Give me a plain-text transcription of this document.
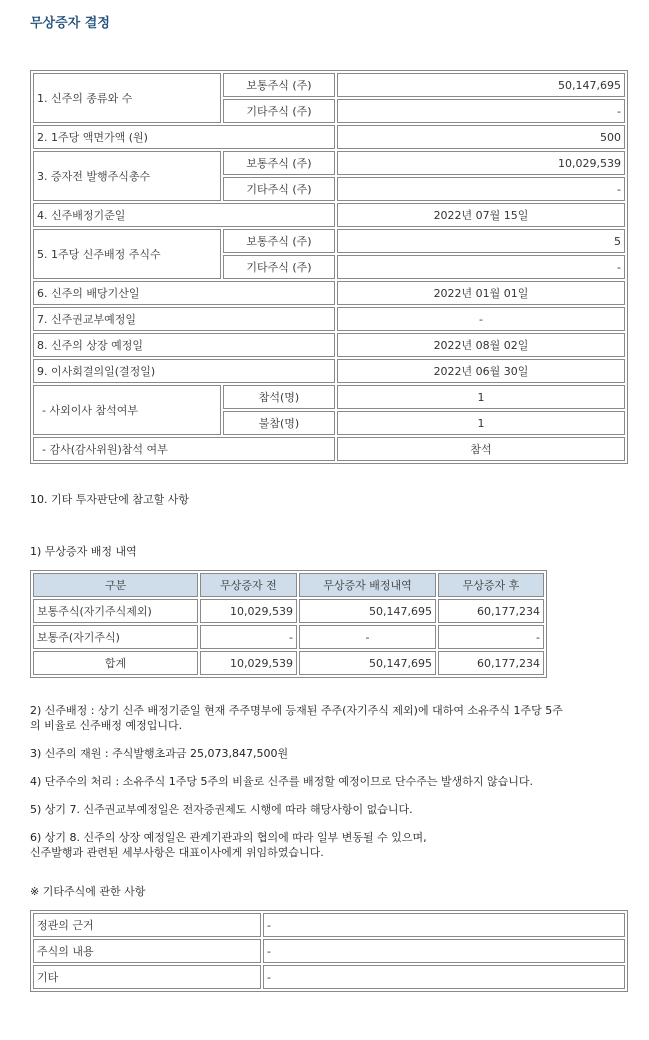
무상증자 결정
1. 신주의 종류와 수	보통주식 (주)	50,147,695
	기타주식 (주)	-
2. 1주당 액면가액 (원)		500
3. 증자전 발행주식총수	보통주식 (주)	10,029,539
	기타주식 (주)	-
4. 신주배정기준일		2022년 07월 15일
5. 1주당 신주배정 주식수	보통주식 (주)	5
	기타주식 (주)	-
6. 신주의 배당기산일		2022년 01월 01일
7. 신주권교부예정일		-
8. 신주의 상장 예정일		2022년 08월 02일
9. 이사회결의일(결정일)		2022년 06월 30일
- 사외이사 참석여부	참석(명)	1
	불참(명)	1
- 감사(감사위원)참석 여부		참석
10. 기타 투자판단에 참고할 사항
1) 무상증자 배정 내역
구분	무상증자 전	무상증자 배정내역	무상증자 후
보통주식(자기주식제외)	10,029,539	50,147,695	60,177,234
보통주(자기주식)	-	-	-
합계	10,029,539	50,147,695	60,177,234
2) 신주배정 : 상기 신주 배정기준일 현재 주주명부에 등재된 주주(자기주식 제외)에 대하여 소유주식 1주당 5주
의 비율로 신주배정 예정입니다.
3) 신주의 재원 : 주식발행초과금 25,073,847,500원
4) 단주수의 처리 : 소유주식 1주당 5주의 비율로 신주를 배정할 예정이므로 단수주는 발생하지 않습니다.
5) 상기 7. 신주권교부예정일은 전자증권제도 시행에 따라 해당사항이 없습니다.
6) 상기 8. 신주의 상장 예정일은 관계기관과의 협의에 따라 일부 변동될 수 있으며,
신주발행과 관련된 세부사항은 대표이사에게 위임하였습니다.
※ 기타주식에 관한 사항
정관의 근거	-
주식의 내용	-
기타	-
